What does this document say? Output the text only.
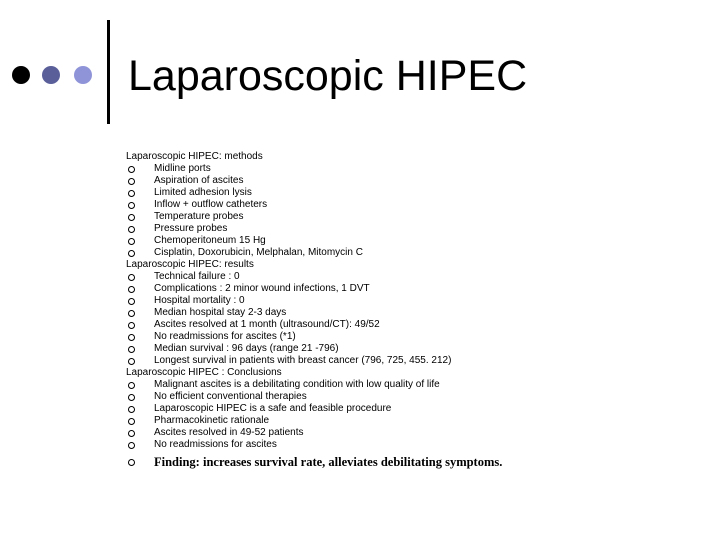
Laparoscopic HIPEC
Laparoscopic HIPEC: methods
Midline ports
Aspiration of ascites
Limited adhesion lysis
Inflow + outflow catheters
Temperature probes
Pressure probes
Chemoperitoneum 15 Hg
Cisplatin, Doxorubicin, Melphalan, Mitomycin C
Laparoscopic HIPEC: results
Technical failure : 0
Complications : 2 minor wound infections, 1 DVT
Hospital mortality : 0
Median hospital stay 2-3 days
Ascites resolved at 1 month (ultrasound/CT): 49/52
No readmissions for ascites (*1)
Median survival : 96 days (range 21 -796)
Longest survival in patients with breast cancer (796, 725, 455. 212)
Laparoscopic HIPEC : Conclusions
Malignant ascites is a debilitating condition with low quality of life
No efficient conventional therapies
Laparoscopic HIPEC is a safe and feasible procedure
Pharmacokinetic rationale
Ascites resolved in 49-52 patients
No readmissions for ascites
Finding: increases survival rate, alleviates debilitating symptoms.
